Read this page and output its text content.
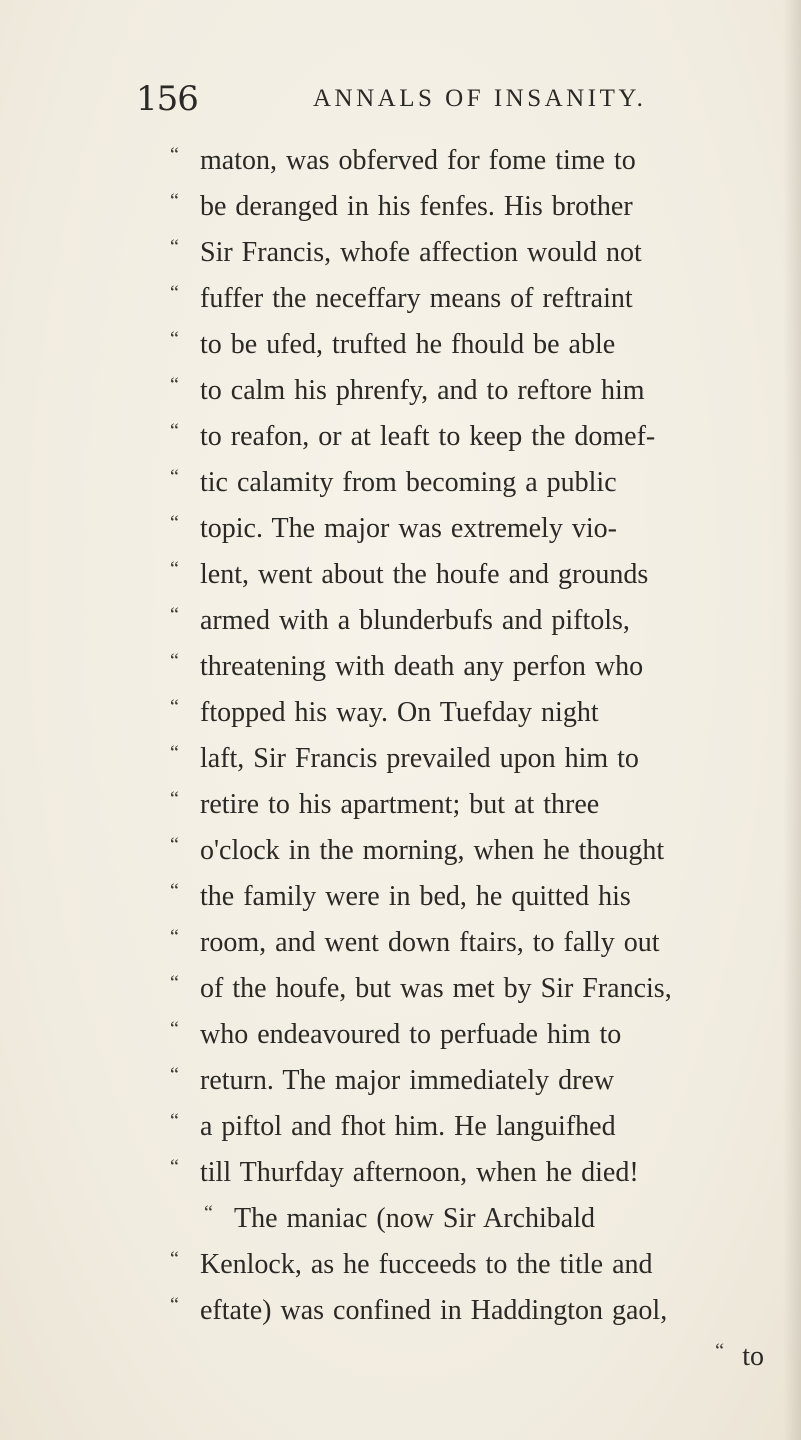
156	ANNALS OF INSANITY.
“ maton, was obferved for fome time to
“ be deranged in his fenfes. His brother
“ Sir Francis, whofe affection would not
“ fuffer the neceffary means of reftraint
“ to be ufed, trufted he fhould be able
“ to calm his phrenfy, and to reftore him
“ to reafon, or at leaft to keep the domef-
“ tic calamity from becoming a public
“ topic. The major was extremely vio-
“ lent, went about the houfe and grounds
“ armed with a blunderbufs and piftols,
“ threatening with death any perfon who
“ ftopped his way. On Tuefday night
“ laft, Sir Francis prevailed upon him to
“ retire to his apartment; but at three
“ o'clock in the morning, when he thought
“ the family were in bed, he quitted his
“ room, and went down ftairs, to fally out
“ of the houfe, but was met by Sir Francis,
“ who endeavoured to perfuade him to
“ return. The major immediately drew
“ a piftol and fhot him. He languifhed
“ till Thurfday afternoon, when he died!
“ The maniac (now Sir Archibald
“ Kenlock, as he fucceeds to the title and
“ eftate) was confined in Haddington gaol,
“ to
